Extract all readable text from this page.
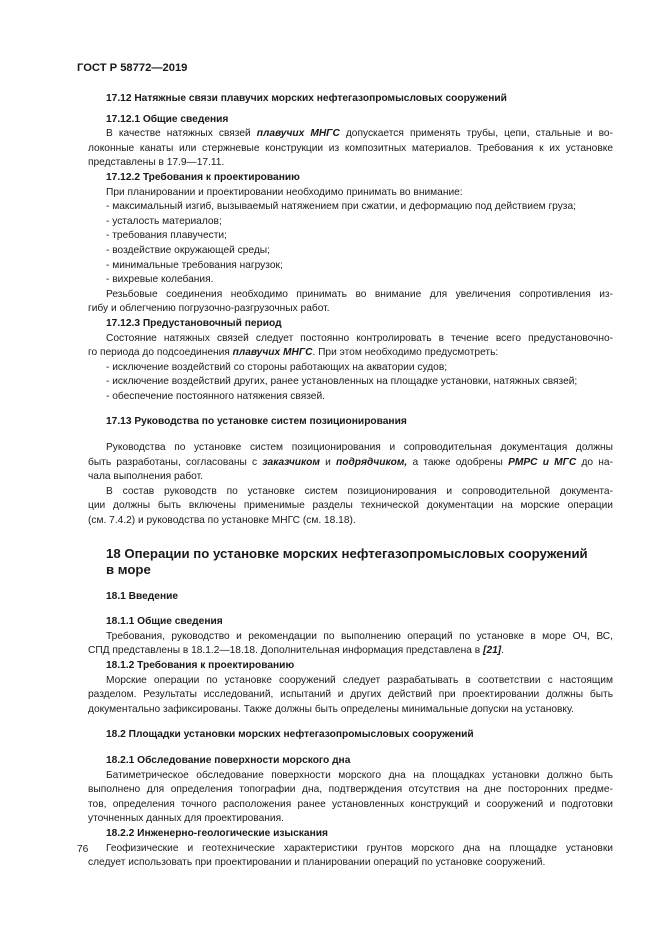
ГОСТ Р 58772—2019

17.12 Натяжные связи плавучих морских нефтегазопромысловых сооружений

17.12.1 Общие сведения

В качестве натяжных связей плавучих МНГС допускается применять трубы, цепи, стальные и во-

локонные канаты или стержневые конструкции из композитных материалов. Требования к их установке

представлены в 17.9—17.11.

17.12.2 Требования к проектированию

При планировании и проектировании необходимо принимать во внимание:

- максимальный изгиб, вызываемый натяжением при сжатии, и деформацию под действием груза;

- усталость материалов;

- требования плавучести;

- воздействие окружающей среды;

- минимальные требования нагрузок;

- вихревые колебания.

Резьбовые соединения необходимо принимать во внимание для увеличения сопротивления из-

гибу и облегчению погрузочно-разгрузочных работ.

17.12.3 Предустановочный период

Состояние натяжных связей следует постоянно контролировать в течение всего предустановочно-

го периода до подсоединения плавучих МНГС. При этом необходимо предусмотреть:

- исключение воздействий со стороны работающих на акватории судов;

- исключение воздействий других, ранее установленных на площадке установки, натяжных связей;

- обеспечение постоянного натяжения связей.

17.13 Руководства по установке систем позиционирования

Руководства по установке систем позиционирования и сопроводительная документация должны

быть разработаны, согласованы с заказчиком и подрядчиком, а также одобрены РМРС и МГС до на-

чала выполнения работ.

В состав руководств по установке систем позиционирования и сопроводительной документа-

ции должны быть включены применимые разделы технической документации на морские операции

(см. 7.4.2) и руководства по установке МНГС (см. 18.18).

18 Операции по установке морских нефтегазопромысловых сооружений

в море

18.1 Введение

18.1.1 Общие сведения

Требования, руководство и рекомендации по выполнению операций по установке в море ОЧ, ВС,

СПД представлены в 18.1.2—18.18. Дополнительная информация представлена в [21].

18.1.2 Требования к проектированию

Морские операции по установке сооружений следует разрабатывать в соответствии с настоящим

разделом. Результаты исследований, испытаний и других действий при проектировании должны быть

документально зафиксированы. Также должны быть определены минимальные допуски на установку.

18.2 Площадки установки морских нефтегазопромысловых сооружений

18.2.1 Обследование поверхности морского дна

Батиметрическое обследование поверхности морского дна на площадках установки должно быть

выполнено для определения топографии дна, подтверждения отсутствия на дне посторонних предме-

тов, определения точного расположения ранее установленных конструкций и сооружений и подготовки

уточненных данных для проектирования.

18.2.2 Инженерно-геологические изыскания

Геофизические и геотехнические характеристики грунтов морского дна на площадке установки

следует использовать при проектировании и планировании операций по установке сооружений.

76
